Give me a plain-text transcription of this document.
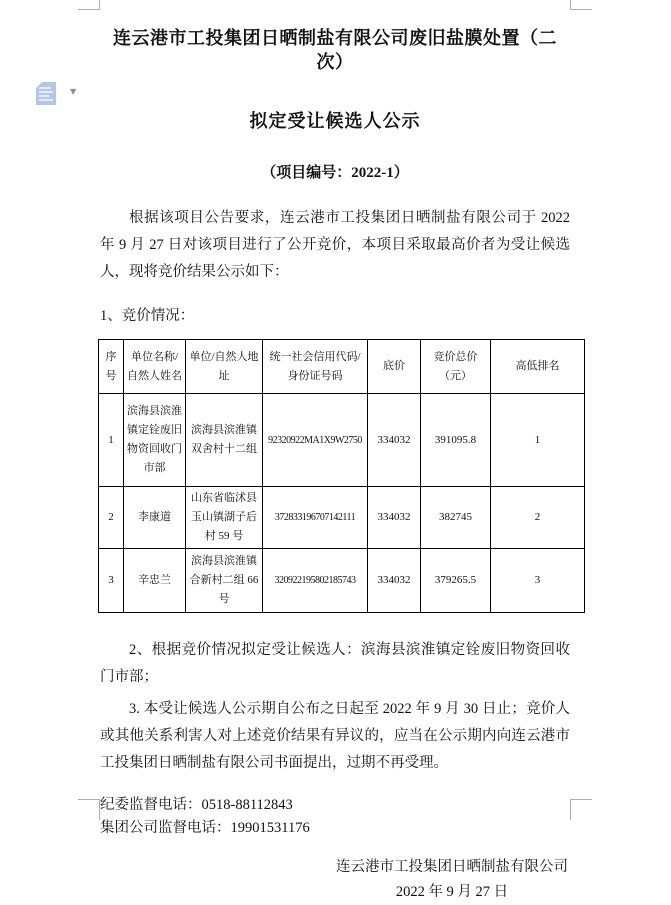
▼
连云港市工投集团日晒制盐有限公司废旧盐膜处置（二次）
拟定受让候选人公示
（项目编号：2022-1）

根据该项目公告要求，连云港市工投集团日晒制盐有限公司于 2022 年 9 月 27 日对该项目进行了公开竞价，本项目采取最高价者为受让候选人，现将竞价结果公示如下：

1、竞价情况：

序号	单位名称/自然人姓名	单位/自然人地址	统一社会信用代码/身份证号码	底价	竞价总价（元）	高低排名
1	滨海县滨淮镇定铨废旧物资回收门市部	滨海县滨淮镇双舍村十二组	92320922MA1X9W2750	334032	391095.8	1
2	李康道	山东省临沭县玉山镇湖子后村 59 号	372833196707142111	334032	382745	2
3	辛忠兰	滨海县滨淮镇合新村二组 66 号	320922195802185743	334032	379265.5	3

2、根据竞价情况拟定受让候选人：滨海县滨淮镇定铨废旧物资回收门市部；

3. 本受让候选人公示期自公布之日起至 2022 年 9 月 30 日止；竞价人或其他关系利害人对上述竞价结果有异议的，应当在公示期内向连云港市工投集团日晒制盐有限公司书面提出，过期不再受理。

纪委监督电话：0518-88112843
集团公司监督电话：19901531176
连云港市工投集团日晒制盐有限公司
2022 年 9 月 27 日
